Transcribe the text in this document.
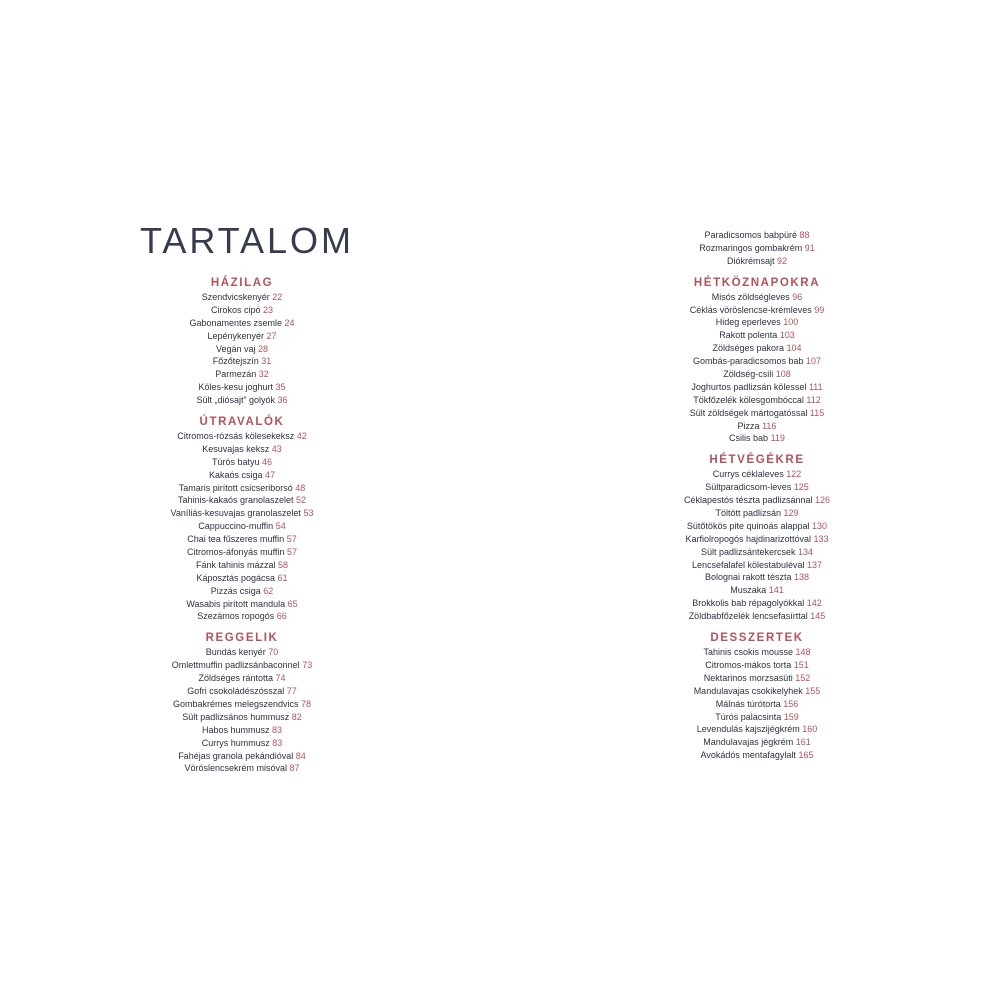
TARTALOM
HÁZILAG
Szendvicskenyér 22
Cirokos cipó 23
Gabonamentes zsemle 24
Lepénykenyér 27
Vegán vaj 28
Főzőtejszín 31
Parmezán 32
Köles-kesu joghurt 35
Sült „diósajt” golyók 36
ÚTRAVALÓK
Citromos-rózsás kölesekeksz 42
Kesuvajas keksz 43
Túrós batyu 46
Kakaós csiga 47
Tamaris pirított csicseriborsó 48
Tahinis-kakaós granolaszelet 52
Vaníliás-kesuvajas granolaszelet 53
Cappuccino-muffin 54
Chai tea fűszeres muffin 57
Citromos-áfonyás muffin 57
Fánk tahinis mázzal 58
Káposztás pogácsa 61
Pizzás csiga 62
Wasabis pirított mandula 65
Szezámos ropogós 66
REGGELIK
Bundás kenyér 70
Omlettmuffin padlizsánbaconnel 73
Zöldséges rántotta 74
Gofri csokoládészósszal 77
Gombakrémes melegszendvics 78
Sült padlizsános hummusz 82
Habos hummusz 83
Currys hummusz 83
Fahéjas granola pekándióval 84
Vöröslencsekrém misóval 87
Paradicsomos babpüré 88
Rozmaringos gombakrém 91
Diókrémsajt 92
HÉTKÖZNAPOKRA
Misós zöldségleves 96
Céklás vöröslencse-krémleves 99
Hideg eperleves 100
Rakott polenta 103
Zöldséges pakora 104
Gombás-paradicsomos bab 107
Zöldség-csili 108
Joghurtos padlizsán kölessel 111
Tökfőzelék kölesgombóccal 112
Sült zöldségek mártogatóssal 115
Pizza 116
Csilis bab 119
HÉTVÉGÉKRE
Currys céklaleves 122
Sültparadicsom-leves 125
Céklapestós tészta padlizsánnal 126
Töltött padlizsán 129
Sütőtökös pite quinoás alappal 130
Karfiolropogós hajdinarizottóval 133
Sült padlizsántekercsek 134
Lencsefalafel kölestabuléval 137
Bolognai rakott tészta 138
Muszaka 141
Brokkolis bab répagolyókkal 142
Zöldbabfőzelék lencsefasírttal 145
DESSZERTEK
Tahinis csokis mousse 148
Citromos-mákos torta 151
Nektarinos morzsasüti 152
Mandulavajas csokikelyhek 155
Málnás túrótorta 156
Túrós palacsinta 159
Levendulás kajszijégkrém 160
Mandulavajas jégkrém 161
Avokádós mentafagylalt 165
